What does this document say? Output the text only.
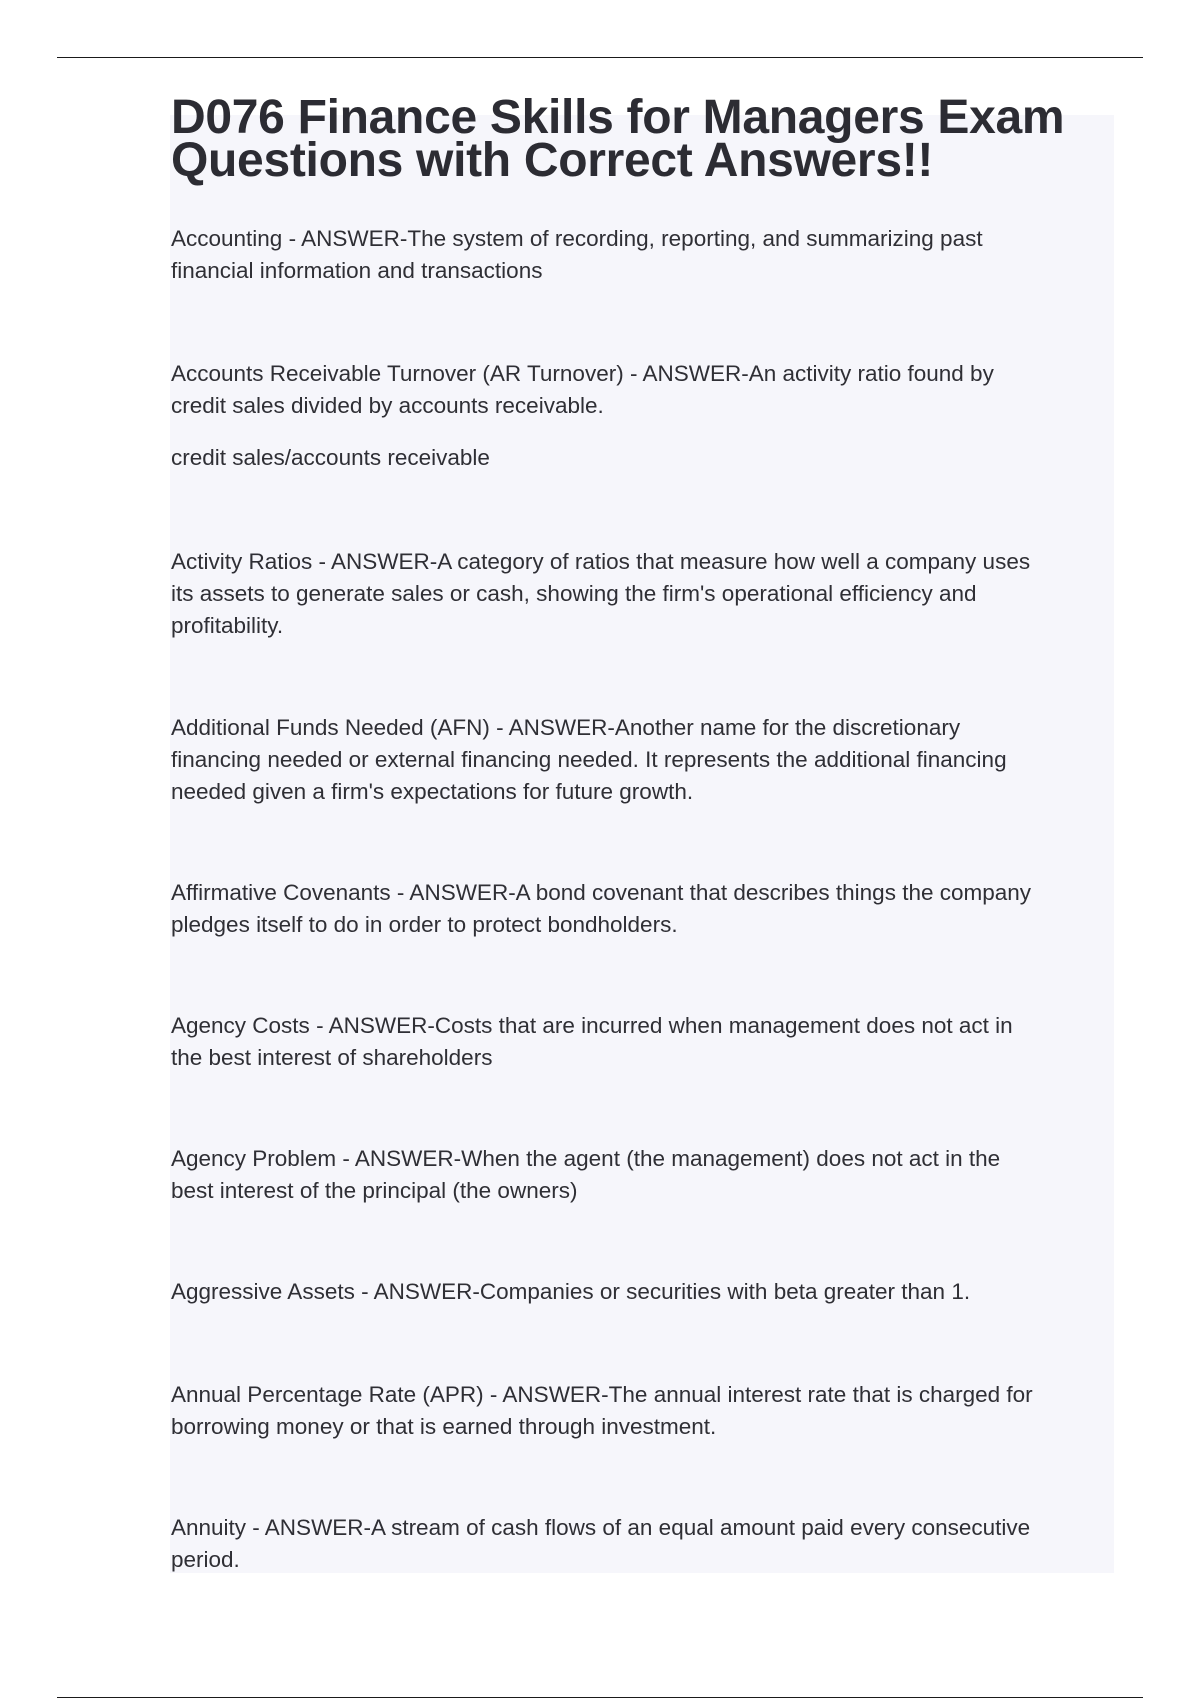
D076 Finance Skills for Managers Exam
Questions with Correct Answers!!
Accounting - ANSWER-The system of recording, reporting, and summarizing past
financial information and transactions
Accounts Receivable Turnover (AR Turnover) - ANSWER-An activity ratio found by
credit sales divided by accounts receivable.
credit sales/accounts receivable
Activity Ratios - ANSWER-A category of ratios that measure how well a company uses
its assets to generate sales or cash, showing the firm's operational efficiency and
profitability.
Additional Funds Needed (AFN) - ANSWER-Another name for the discretionary
financing needed or external financing needed. It represents the additional financing
needed given a firm's expectations for future growth.
Affirmative Covenants - ANSWER-A bond covenant that describes things the company
pledges itself to do in order to protect bondholders.
Agency Costs - ANSWER-Costs that are incurred when management does not act in
the best interest of shareholders
Agency Problem - ANSWER-When the agent (the management) does not act in the
best interest of the principal (the owners)
Aggressive Assets - ANSWER-Companies or securities with beta greater than 1.
Annual Percentage Rate (APR) - ANSWER-The annual interest rate that is charged for
borrowing money or that is earned through investment.
Annuity - ANSWER-A stream of cash flows of an equal amount paid every consecutive
period.
